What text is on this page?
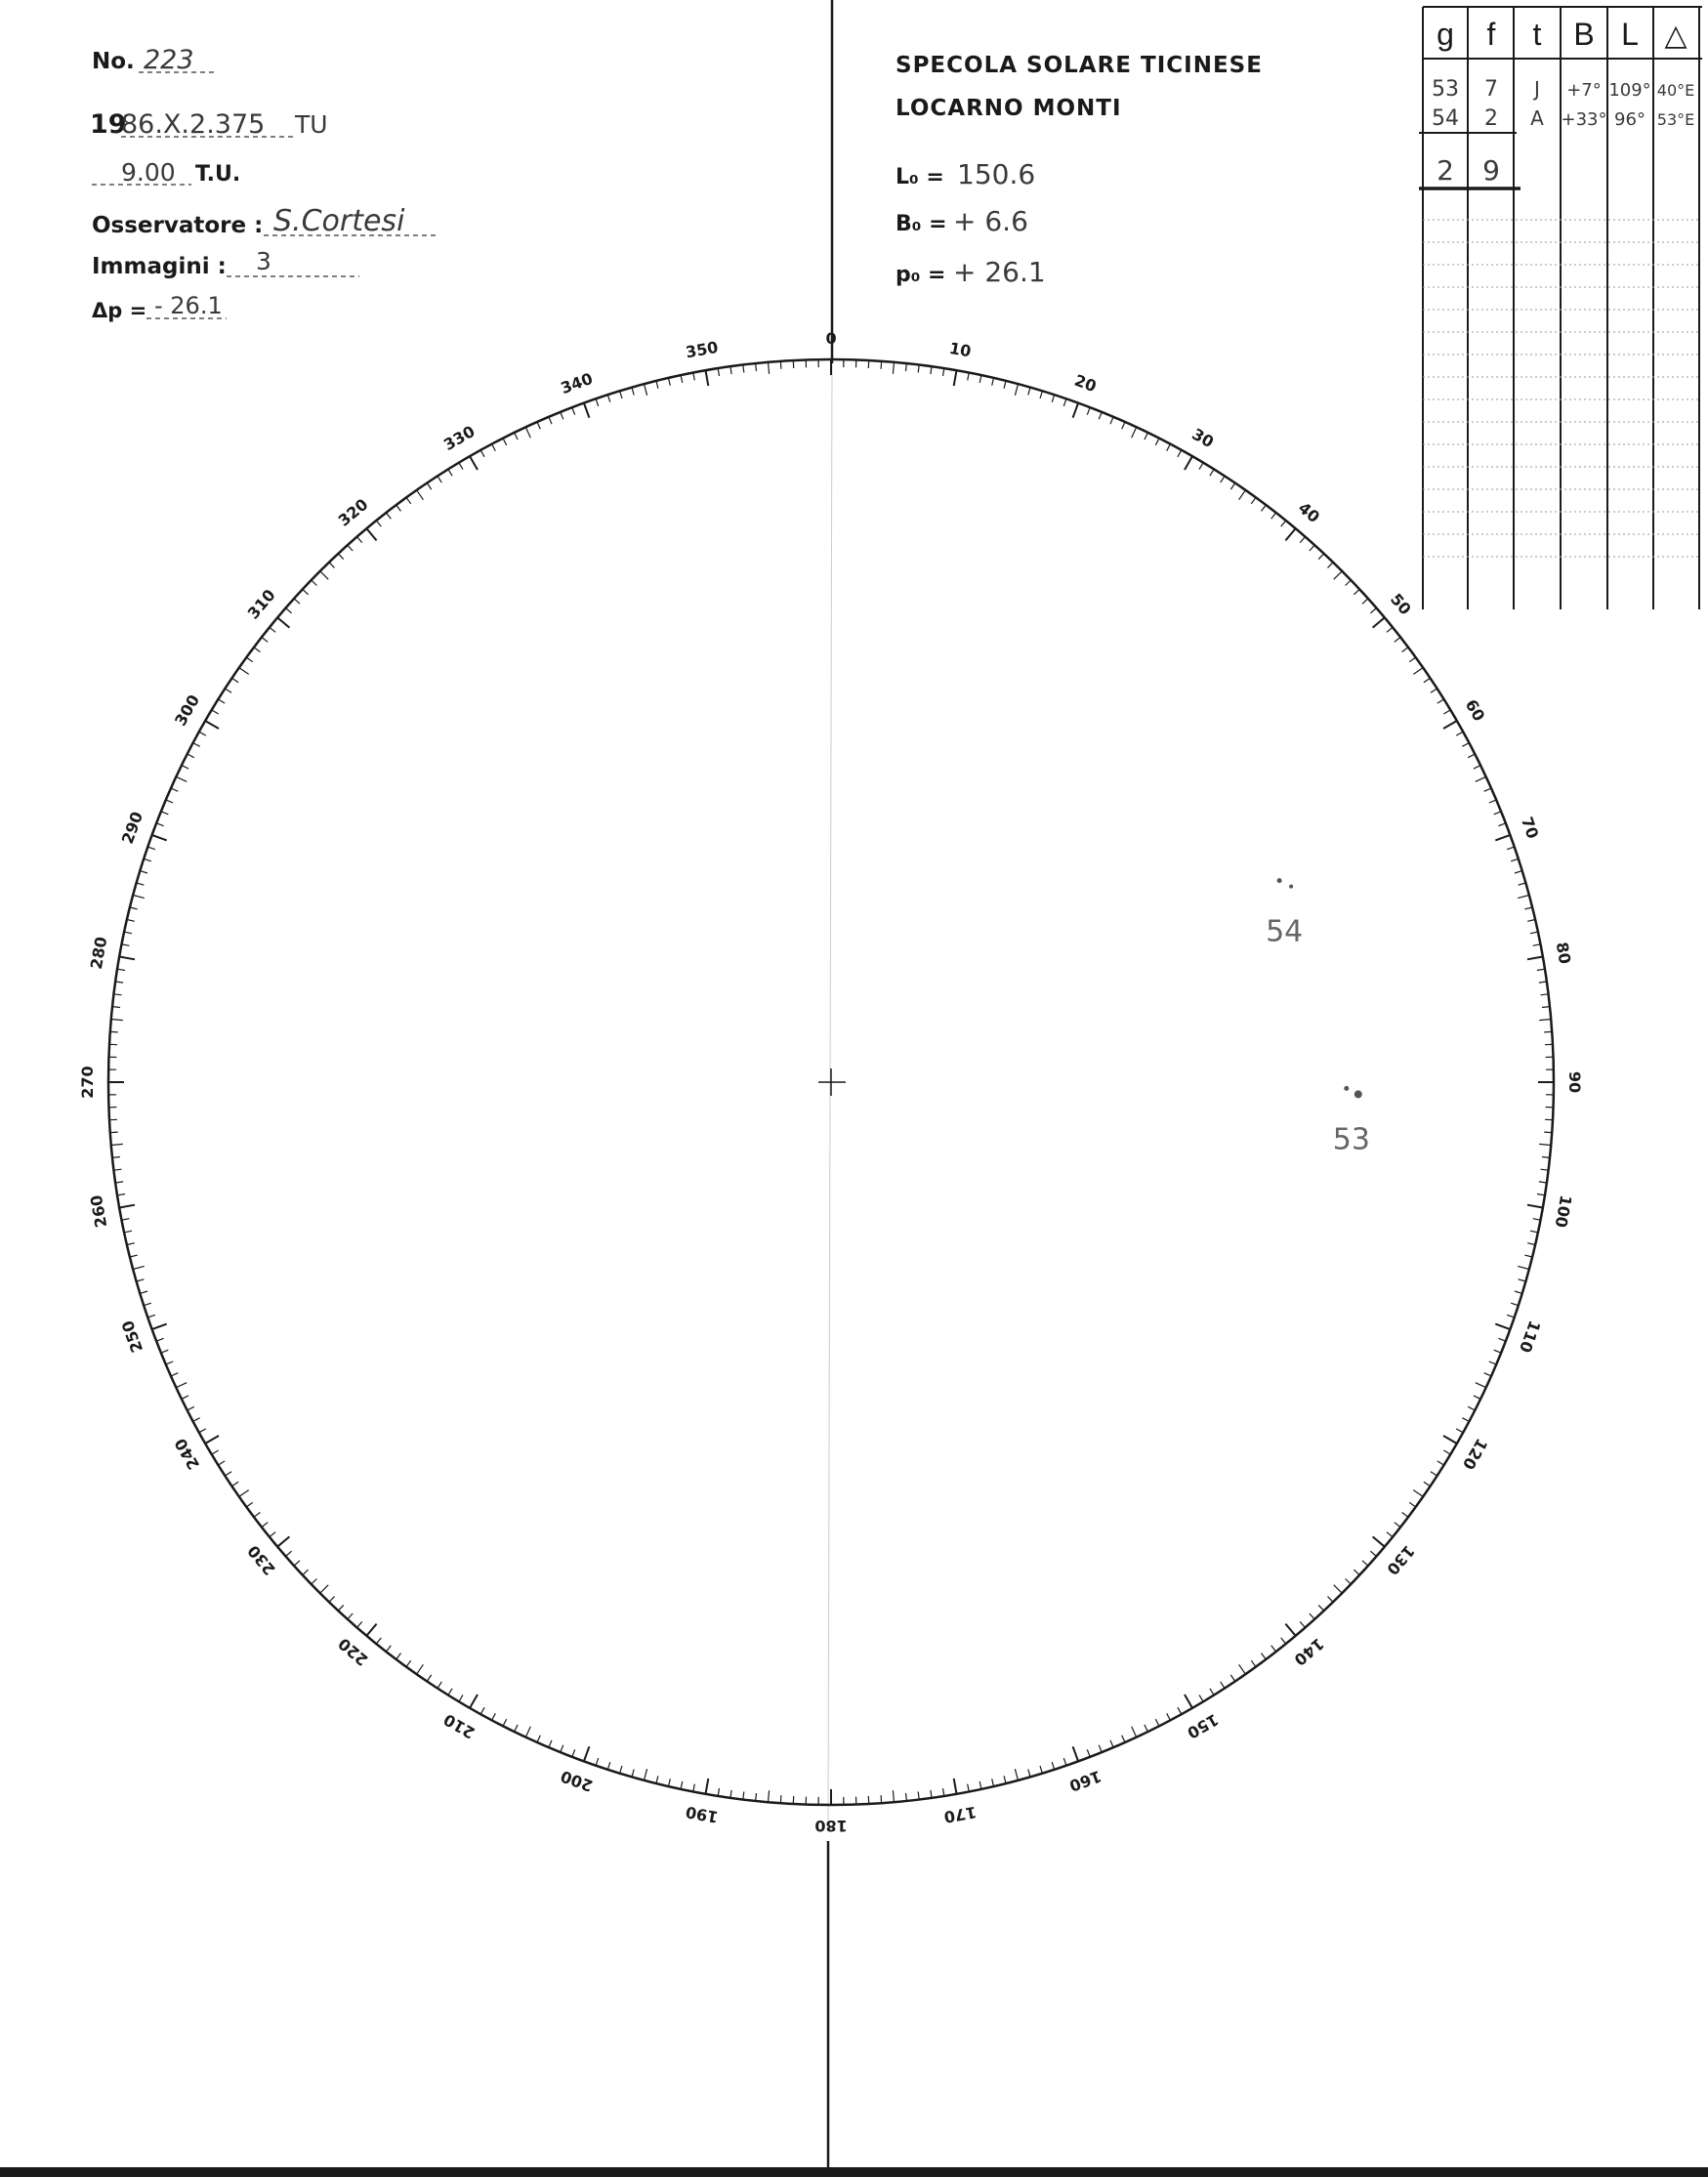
0
10
20
30
40
50
60
70
80
90
100
110
120
130
140
150
160
170
180
190
200
210
220
230
240
250
260
270
280
290
300
310
320
330
340
350
No. 223
19
86.X.2.375 TU
9.00 T.U.
Osservatore : S.Cortesi
Immagini : 3
Δp = - 26.1
SPECOLA SOLARE TICINESE
LOCARNO MONTI
L₀ = 150.6
B₀ = + 6.6
p₀ = + 26.1
g f t B L △
53 7 J +7° 109° 40°E
54 2 A +33° 96° 53°E
2 9
54
53
